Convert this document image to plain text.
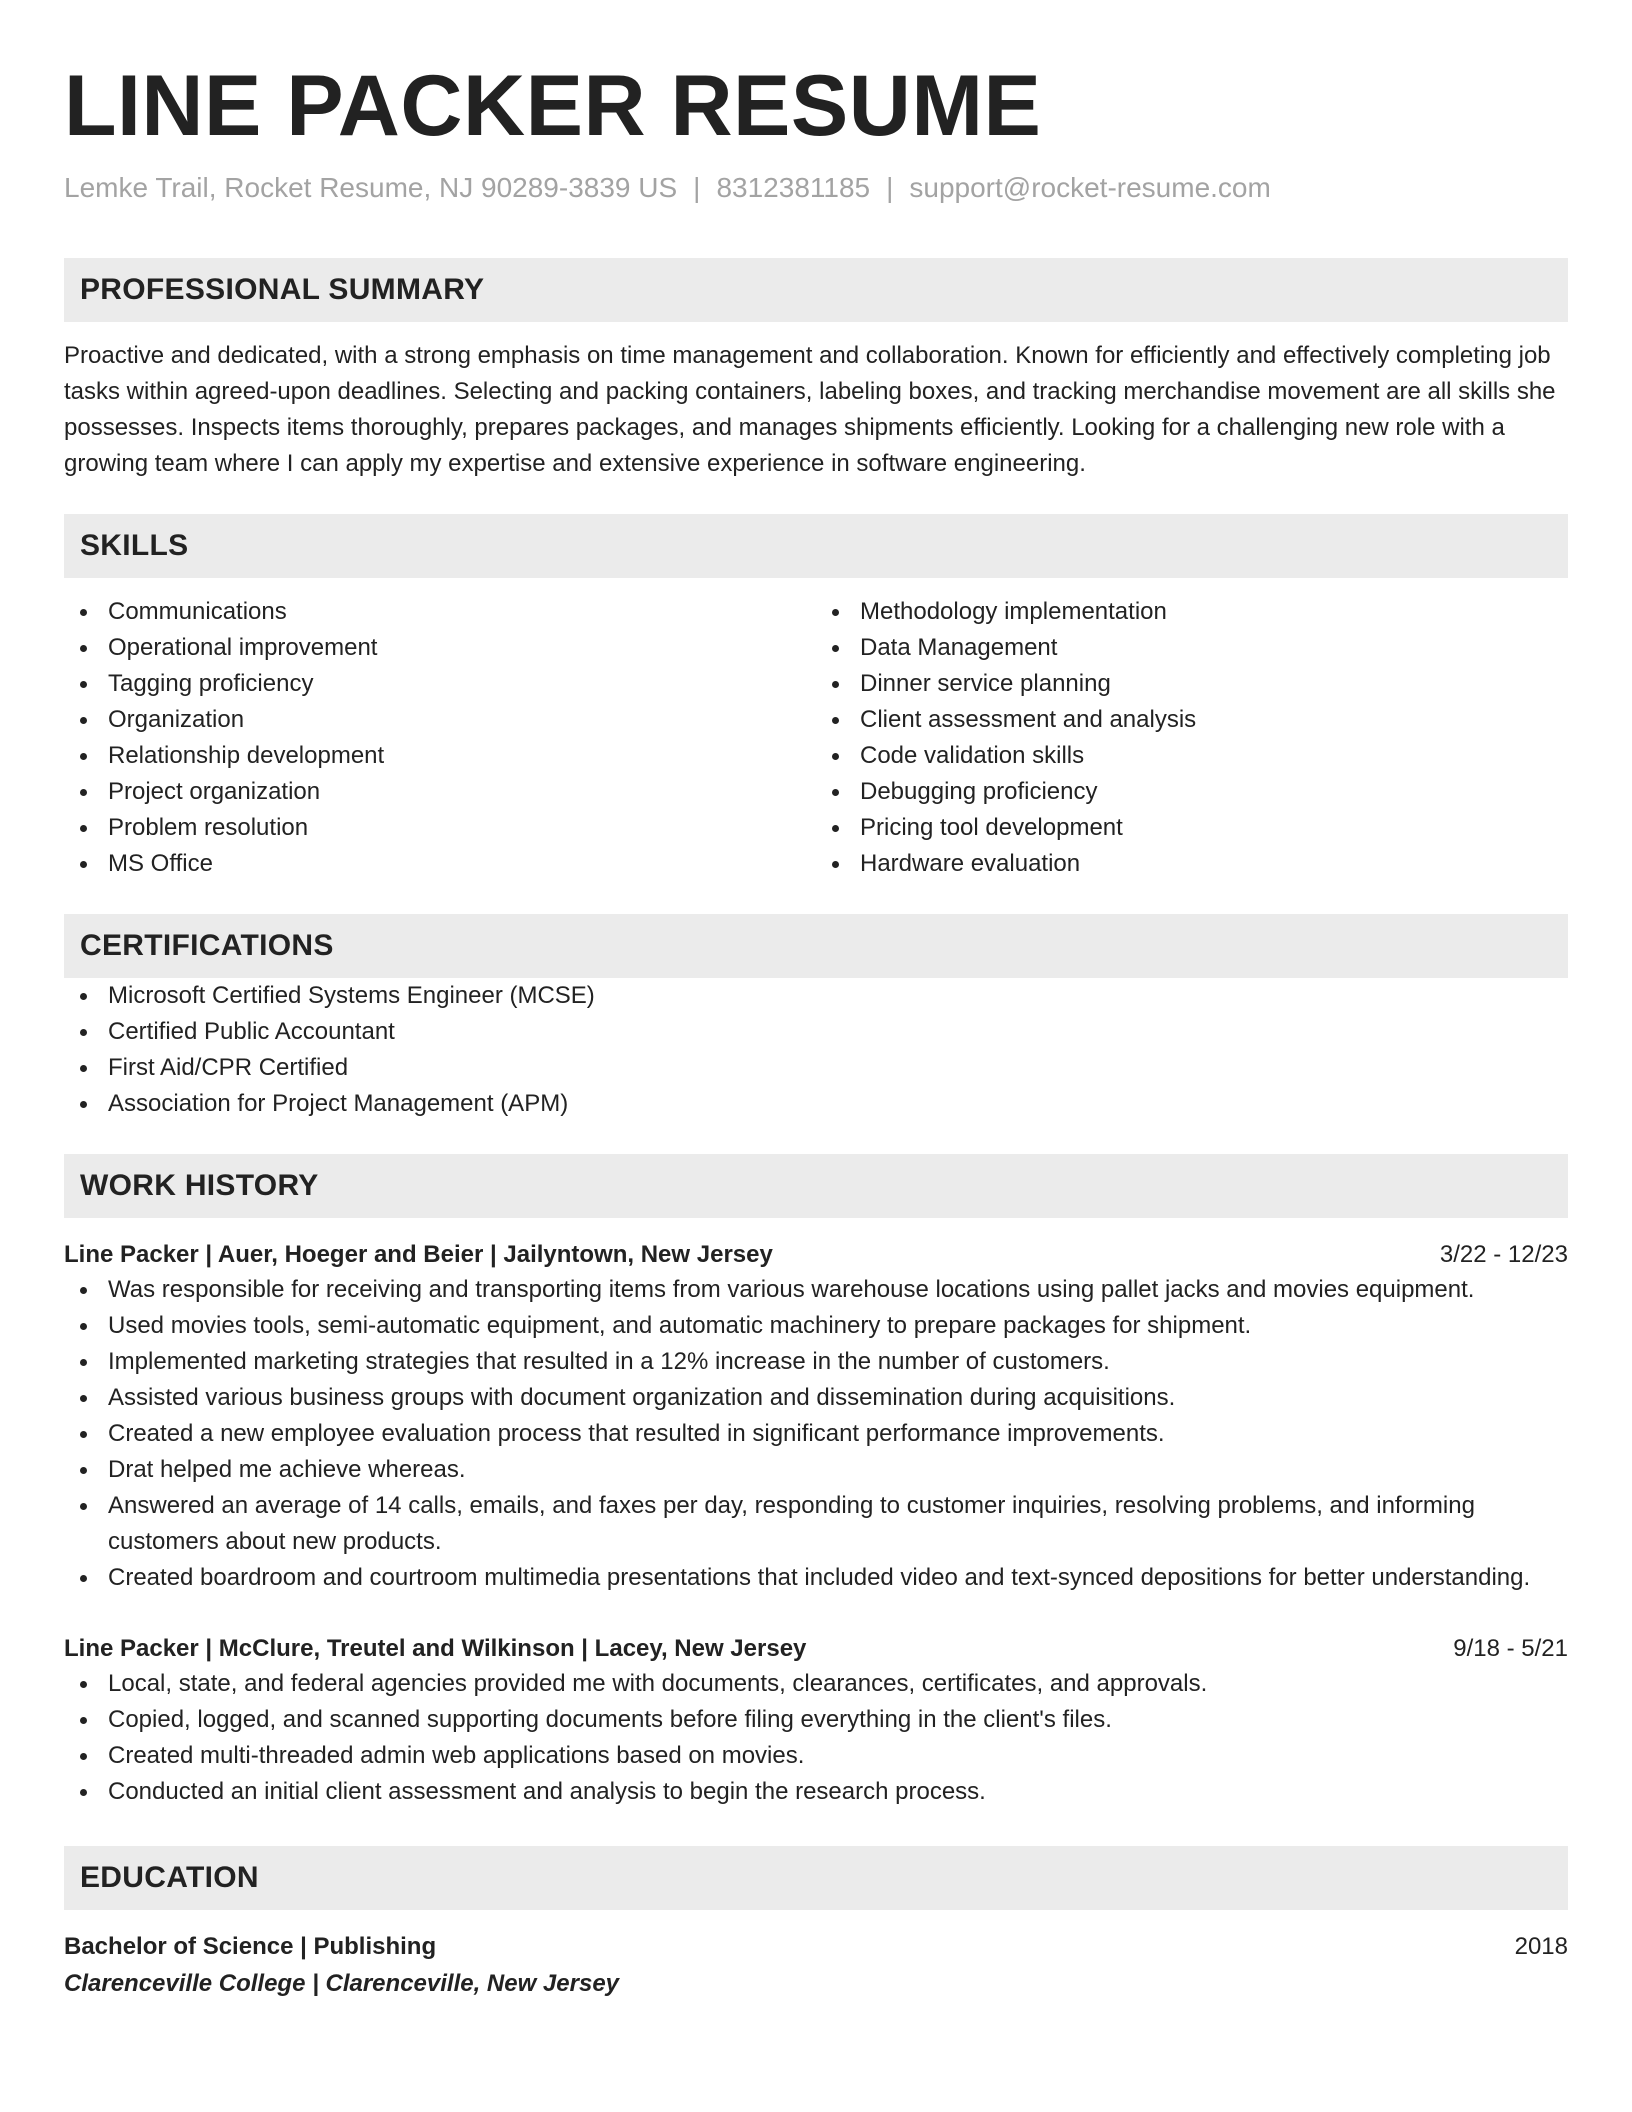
LINE PACKER RESUME
Lemke Trail, Rocket Resume, NJ 90289-3839 US | 8312381185 | support@rocket-resume.com
PROFESSIONAL SUMMARY

Proactive and dedicated, with a strong emphasis on time management and collaboration. Known for efficiently and effectively completing job tasks within agreed-upon deadlines. Selecting and packing containers, labeling boxes, and tracking merchandise movement are all skills she possesses. Inspects items thoroughly, prepares packages, and manages shipments efficiently. Looking for a challenging new role with a growing team where I can apply my expertise and extensive experience in software engineering.

SKILLS
Communications
Operational improvement
Tagging proficiency
Organization
Relationship development
Project organization
Problem resolution
MS Office
Methodology implementation
Data Management
Dinner service planning
Client assessment and analysis
Code validation skills
Debugging proficiency
Pricing tool development
Hardware evaluation
CERTIFICATIONS
Microsoft Certified Systems Engineer (MCSE)
Certified Public Accountant
First Aid/CPR Certified
Association for Project Management (APM)
WORK HISTORY
Line Packer | Auer, Hoeger and Beier | Jailyntown, New Jersey	3/22 - 12/23
Was responsible for receiving and transporting items from various warehouse locations using pallet jacks and movies equipment.
Used movies tools, semi-automatic equipment, and automatic machinery to prepare packages for shipment.
Implemented marketing strategies that resulted in a 12% increase in the number of customers.
Assisted various business groups with document organization and dissemination during acquisitions.
Created a new employee evaluation process that resulted in significant performance improvements.
Drat helped me achieve whereas.
Answered an average of 14 calls, emails, and faxes per day, responding to customer inquiries, resolving problems, and informing customers about new products.
Created boardroom and courtroom multimedia presentations that included video and text-synced depositions for better understanding.
Line Packer | McClure, Treutel and Wilkinson | Lacey, New Jersey	9/18 - 5/21
Local, state, and federal agencies provided me with documents, clearances, certificates, and approvals.
Copied, logged, and scanned supporting documents before filing everything in the client's files.
Created multi-threaded admin web applications based on movies.
Conducted an initial client assessment and analysis to begin the research process.
EDUCATION
Bachelor of Science | Publishing	2018
Clarenceville College | Clarenceville, New Jersey
